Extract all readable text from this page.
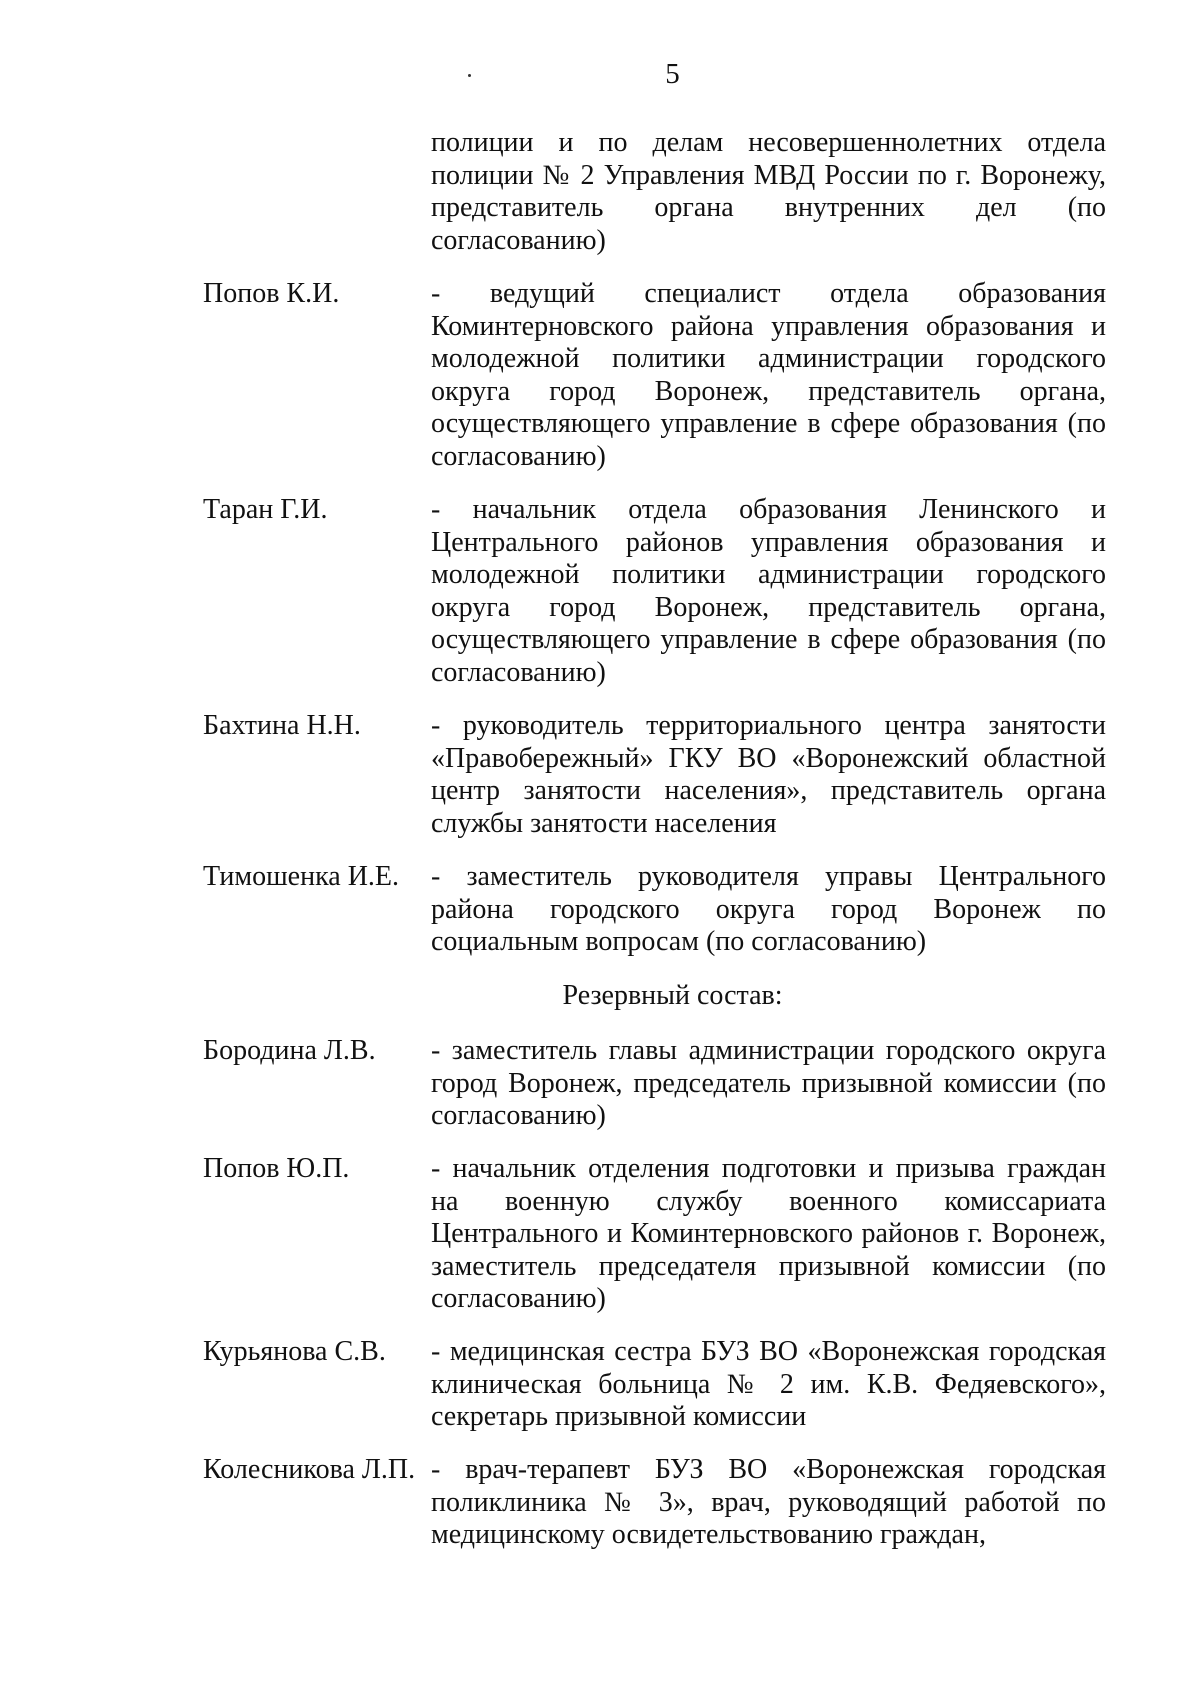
5
полиции и по делам несовершеннолетних отдела полиции № 2 Управления МВД России по г. Воронежу, представитель органа внутренних дел (по согласованию)
Попов К.И.	- ведущий специалист отдела образования Коминтерновского района управления образования и молодежной политики администрации городского округа город Воронеж, представитель органа, осуществляющего управление в сфере образования (по согласованию)
Таран Г.И.	- начальник отдела образования Ленинского и Центрального районов управления образования и молодежной политики администрации городского округа город Воронеж, представитель органа, осуществляющего управление в сфере образования (по согласованию)
Бахтина Н.Н.	- руководитель территориального центра занятости «Правобережный» ГКУ ВО «Воронежский областной центр занятости населения», представитель органа службы занятости населения
Тимошенка И.Е. - заместитель руководителя управы Центрального района городского округа город Воронеж по социальным вопросам (по согласованию)
Резервный состав:
Бородина Л.В. - заместитель главы администрации городского округа город Воронеж, председатель призывной комиссии (по согласованию)
Попов Ю.П.	- начальник отделения подготовки и призыва граждан на военную службу военного комиссариата Центрального и Коминтерновского районов г. Воронеж, заместитель председателя призывной комиссии (по согласованию)
Курьянова С.В. - медицинская сестра БУЗ ВО «Воронежская городская клиническая больница № 2 им. К.В. Федяевского», секретарь призывной комиссии
Колесникова Л.П. - врач-терапевт БУЗ ВО «Воронежская городская поликлиника № 3», врач, руководящий работой по медицинскому освидетельствованию граждан,
